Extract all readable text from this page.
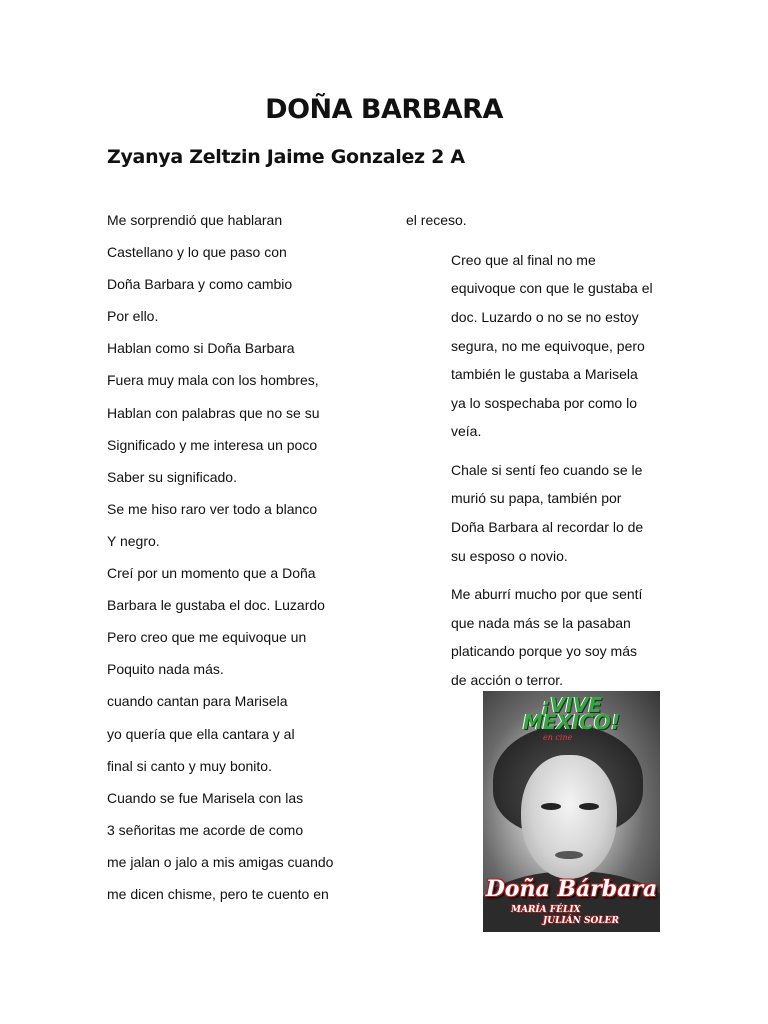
DOÑA BARBARA
Zyanya Zeltzin Jaime Gonzalez 2 A
Me sorprendió que hablaran
Castellano y lo que paso con
Doña Barbara y como cambio
Por ello.
Hablan como si Doña Barbara
Fuera muy mala con los hombres,
Hablan con palabras que no se su
Significado y me interesa un poco
Saber su significado.
Se me hiso raro ver todo a blanco
Y negro.
Creí por un momento que a Doña
Barbara le gustaba el doc. Luzardo
Pero creo que me equivoque un
Poquito nada más.
cuando cantan para Marisela
yo quería que ella cantara y al
final si canto y muy bonito.
Cuando se fue Marisela con las
3 señoritas me acorde de como
me jalan o jalo a mis amigas cuando
me dicen chisme, pero te cuento en
el receso.

Creo que al final no me
equivoque con que le gustaba el
doc. Luzardo o no se no estoy
segura, no me equivoque, pero
también le gustaba a Marisela
ya lo sospechaba por como lo
veía.

Chale si sentí feo cuando se le
murió su papa, también por
Doña Barbara al recordar lo de
su esposo o novio.

Me aburrí mucho por que sentí
que nada más se la pasaban
platicando porque yo soy más
de acción o terror.

¡VIVE
MEXICO!
en cine
Doña Bárbara
MARÍA FÉLIX
JULIÁN SOLER
